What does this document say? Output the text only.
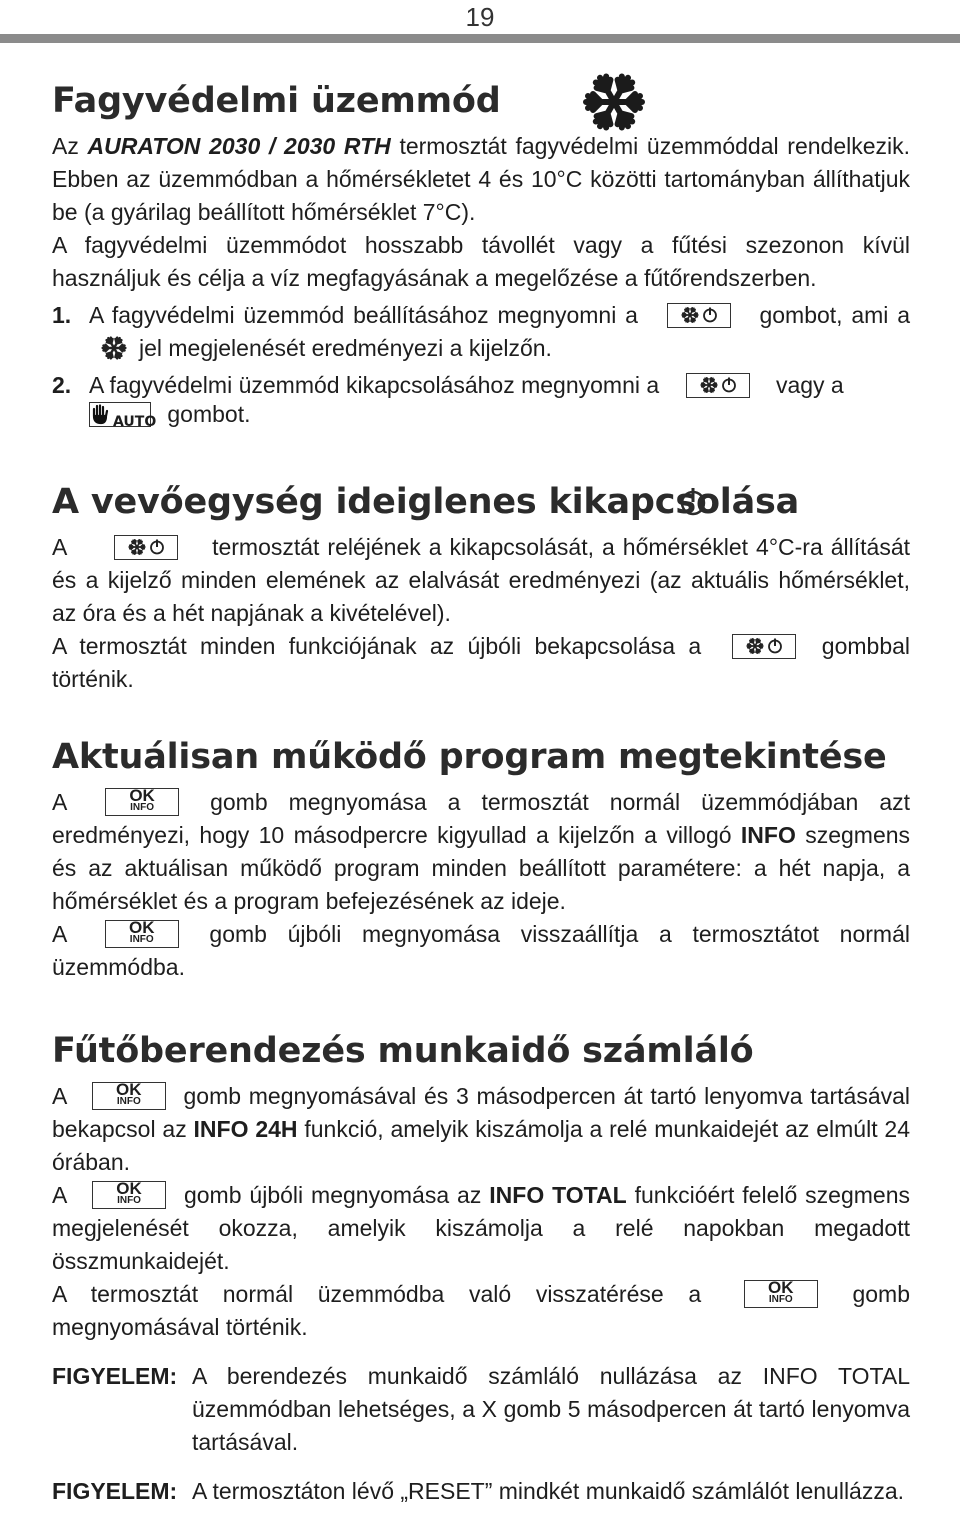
19
Fagyvédelmi üzemmód

Az AURATON 2030 / 2030 RTH termosztát fagyvédelmi üzemmóddal rendelkezik. Ebben az üzemmódban a hőmérsékletet 4 és 10°C közötti tartományban állíthatjuk be (a gyárilag beállított hőmérséklet 7°C).

A fagyvédelmi üzemmódot hosszabb távollét vagy a fűtési szezonon kívül használjuk és célja a víz megfagyásának a megelőzése a fűtőrendszerben.

1. A fagyvédelmi üzemmód beállításához megnyomni a	gombot, ami a jel megjelenését eredményezi a kijelzőn.
2. A fagyvédelmi üzemmód kikapcsolásához megnyomni a	vagy a

AUTO gombot.

A vevőegység ideiglenes kikapcsolása

A	termosztát reléjének a kikapcsolását, a hőmérséklet 4°C-ra állítását és a kijelző minden elemének az elalvását eredményezi (az aktuális hőmérséklet, az óra és a hét napjának a kivételével).

A termosztát minden funkciójának az újbóli bekapcsolása a	gombbal történik.

Aktuálisan működő program megtekintése

A	OK
INFO	gomb megnyomása a termosztát normál üzemmódjában azt eredményezi, hogy 10 másodpercre kigyullad a kijelzőn a villogó INFO szegmens és az aktuálisan működő program minden beállított paramétere: a hét napja, a hőmérséklet és a program befejezésének az ideje.

A	OK
INFO	gomb újbóli megnyomása visszaállítja a termosztátot normál üzemmódba.

Fűtőberendezés munkaidő számláló

A	OK
INFO	gomb megnyomásával és 3 másodpercen át tartó lenyomva tartásával bekapcsol az INFO 24H funkció, amelyik kiszámolja a relé munkaidejét az elmúlt 24 órában.

A	OK
INFO	gomb újbóli megnyomása az INFO TOTAL funkcióért felelő szegmens megjelenését okozza, amelyik kiszámolja a relé napokban megadott összmunkaidejét.

A termosztát normál üzemmódba való visszatérése a	OK
INFO	gomb megnyomásával történik.

FIGYELEM: A berendezés munkaidő számláló nullázása az INFO TOTAL üzemmódban lehetséges, a X gomb 5 másodpercen át tartó lenyomva tartásával.
FIGYELEM: A termosztáton lévő „RESET” mindkét munkaidő számlálót lenullázza.
